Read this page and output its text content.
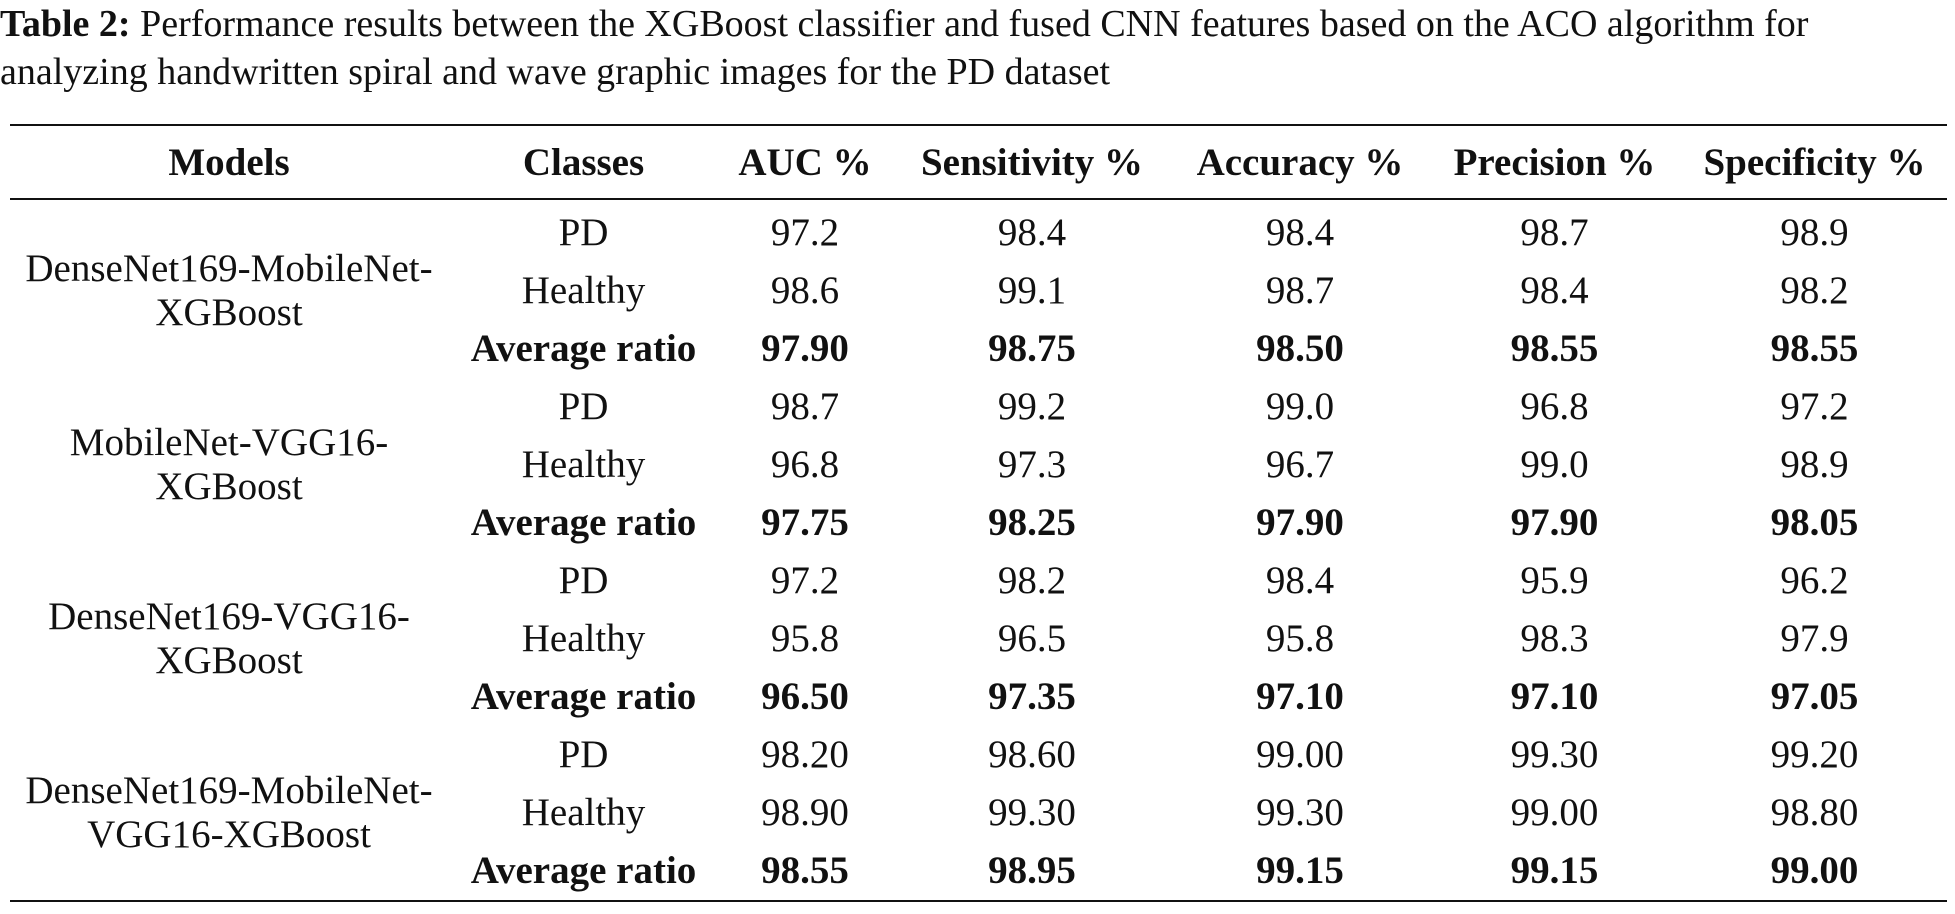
Table 2: Performance results between the XGBoost classifier and fused CNN features based on the ACO algorithm for analyzing handwritten spiral and wave graphic images for the PD dataset

Models	Classes	AUC %	Sensitivity %	Accuracy %	Precision %	Specificity %
DenseNet169-MobileNet-XGBoost	PD	97.2	98.4	98.4	98.7	98.9
	Healthy	98.6	99.1	98.7	98.4	98.2
	Average ratio	97.90	98.75	98.50	98.55	98.55
MobileNet-VGG16-XGBoost	PD	98.7	99.2	99.0	96.8	97.2
	Healthy	96.8	97.3	96.7	99.0	98.9
	Average ratio	97.75	98.25	97.90	97.90	98.05
DenseNet169-VGG16-XGBoost	PD	97.2	98.2	98.4	95.9	96.2
	Healthy	95.8	96.5	95.8	98.3	97.9
	Average ratio	96.50	97.35	97.10	97.10	97.05
DenseNet169-MobileNet-VGG16-XGBoost	PD	98.20	98.60	99.00	99.30	99.20
	Healthy	98.90	99.30	99.30	99.00	98.80
	Average ratio	98.55	98.95	99.15	99.15	99.00
